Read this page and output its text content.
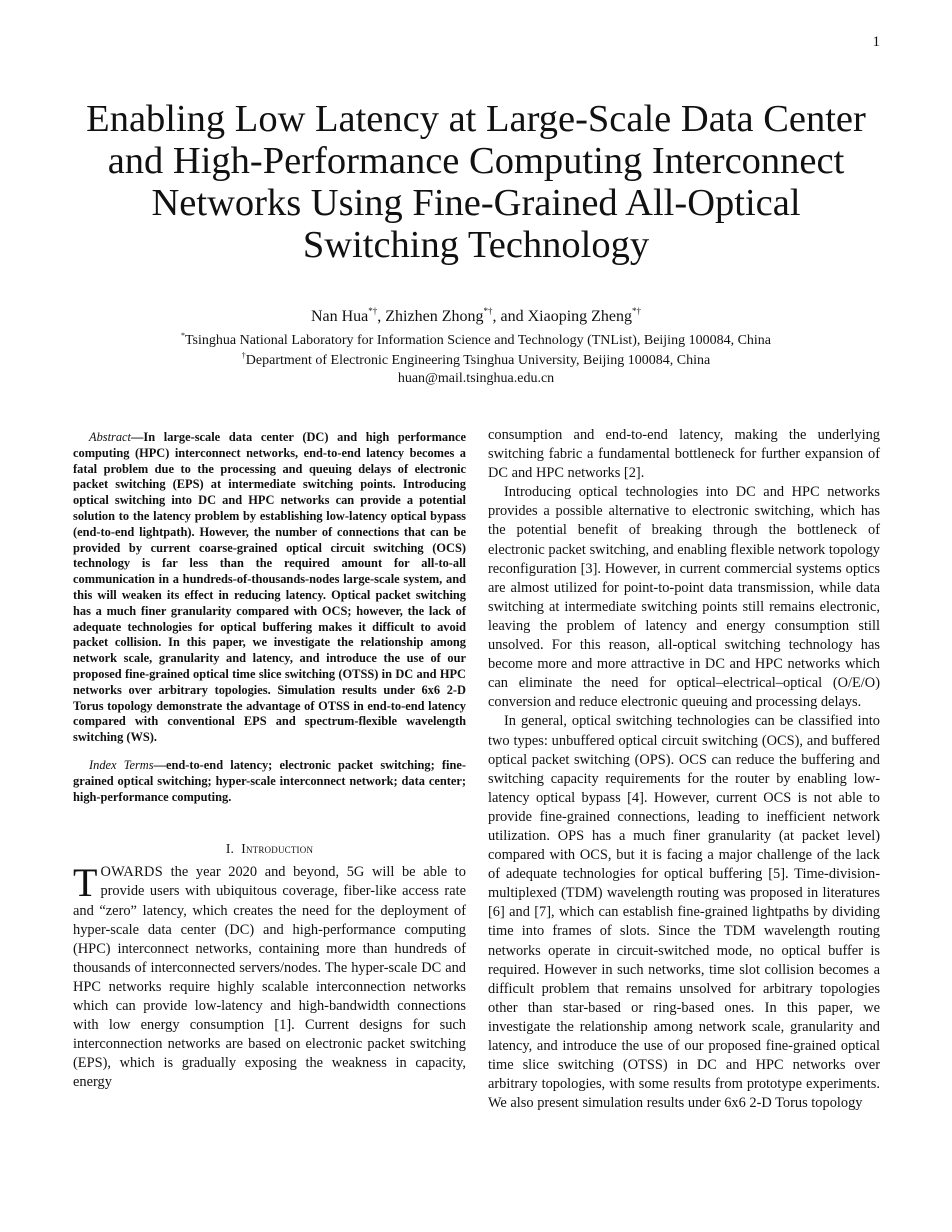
1
Enabling Low Latency at Large-Scale Data Center and High-Performance Computing Interconnect Networks Using Fine-Grained All-Optical Switching Technology
Nan Hua*†, Zhizhen Zhong*†, and Xiaoping Zheng*†
*Tsinghua National Laboratory for Information Science and Technology (TNList), Beijing 100084, China
†Department of Electronic Engineering Tsinghua University, Beijing 100084, China
huan@mail.tsinghua.edu.cn

Abstract—In large-scale data center (DC) and high performance computing (HPC) interconnect networks, end-to-end latency becomes a fatal problem due to the processing and queuing delays of electronic packet switching (EPS) at intermediate switching points. Introducing optical switching into DC and HPC networks can provide a potential solution to the latency problem by establishing low-latency optical bypass (end-to-end lightpath). However, the number of connections that can be provided by current coarse-grained optical circuit switching (OCS) technology is far less than the required amount for all-to-all communication in a hundreds-of-thousands-nodes large-scale system, and this will weaken its effect in reducing latency. Optical packet switching has a much finer granularity compared with OCS; however, the lack of adequate technologies for optical buffering makes it difficult to avoid packet collision. In this paper, we investigate the relationship among network scale, granularity and latency, and introduce the use of our proposed fine-grained optical time slice switching (OTSS) in DC and HPC networks over arbitrary topologies. Simulation results under 6x6 2-D Torus topology demonstrate the advantage of OTSS in end-to-end latency compared with conventional EPS and spectrum-flexible wavelength switching (WS).

Index Terms—end-to-end latency; electronic packet switching; fine-grained optical switching; hyper-scale interconnect network; data center; high-performance computing.
I. Introduction

TOWARDS the year 2020 and beyond, 5G will be able to provide users with ubiquitous coverage, fiber-like access rate and “zero” latency, which creates the need for the deployment of hyper-scale data center (DC) and high-performance computing (HPC) interconnect networks, containing more than hundreds of thousands of interconnected servers/nodes. The hyper-scale DC and HPC networks require highly scalable interconnection networks which can provide low-latency and high-bandwidth connections with low energy consumption [1]. Current designs for such interconnection networks are based on electronic packet switching (EPS), which is gradually exposing the weakness in capacity, energy

consumption and end-to-end latency, making the underlying switching fabric a fundamental bottleneck for further expansion of DC and HPC networks [2].

Introducing optical technologies into DC and HPC networks provides a possible alternative to electronic switching, which has the potential benefit of breaking through the bottleneck of electronic packet switching, and enabling flexible network topology reconfiguration [3]. However, in current commercial systems optics are almost utilized for point-to-point data transmission, while data switching at intermediate switching points still remains electronic, leaving the problem of latency and energy consumption still unsolved. For this reason, all-optical switching technology has become more and more attractive in DC and HPC networks which can eliminate the need for optical–electrical–optical (O/E/O) conversion and reduce electronic queuing and processing delays.

In general, optical switching technologies can be classified into two types: unbuffered optical circuit switching (OCS), and buffered optical packet switching (OPS). OCS can reduce the buffering and switching capacity requirements for the router by enabling low-latency optical bypass [4]. However, current OCS is not able to provide fine-grained connections, leading to inefficient network utilization. OPS has a much finer granularity (at packet level) compared with OCS, but it is facing a major challenge of the lack of adequate technologies for optical buffering [5]. Time-division-multiplexed (TDM) wavelength routing was proposed in literatures [6] and [7], which can establish fine-grained lightpaths by dividing time into frames of slots. Since the TDM wavelength routing networks operate in circuit-switched mode, no optical buffer is required. However in such networks, time slot collision becomes a difficult problem that remains unsolved for arbitrary topologies other than star-based or ring-based ones. In this paper, we investigate the relationship among network scale, granularity and latency, and introduce the use of our proposed fine-grained optical time slice switching (OTSS) in DC and HPC networks over arbitrary topologies, with some results from prototype experiments. We also present simulation results under 6x6 2-D Torus topology
